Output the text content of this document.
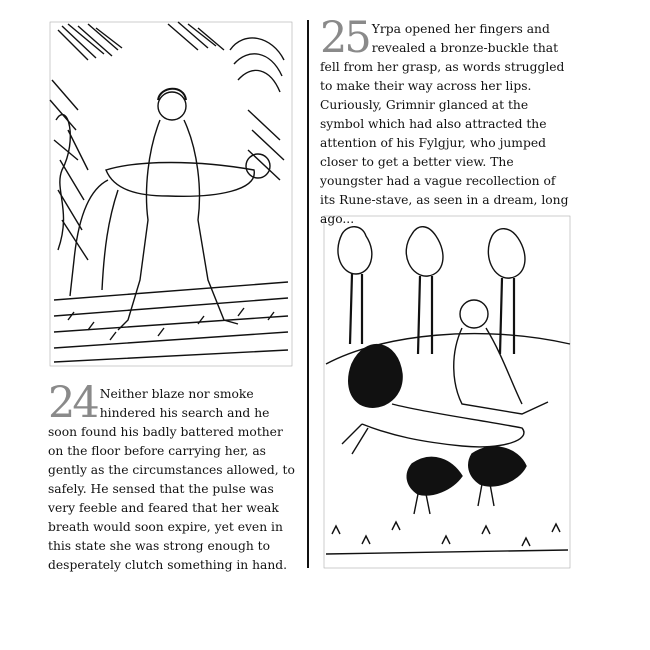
24 Neither blaze nor smoke hindered his search and he soon found his badly battered mother on the floor before carrying her, as gently as the circumstances allowed, to safely. He sensed that the pulse was very feeble and feared that her weak breath would soon expire, yet even in this state she was strong enough to desperately clutch something in hand.

25 Yrpa opened her fingers and revealed a bronze-buckle that fell from her grasp, as words struggled to make their way across her lips. Curiously, Grimnir glanced at the symbol which had also attracted the attention of his Fylgjur, who jumped closer to get a better view. The youngster had a vague recollection of its Rune-stave, as seen in a dream, long ago...
